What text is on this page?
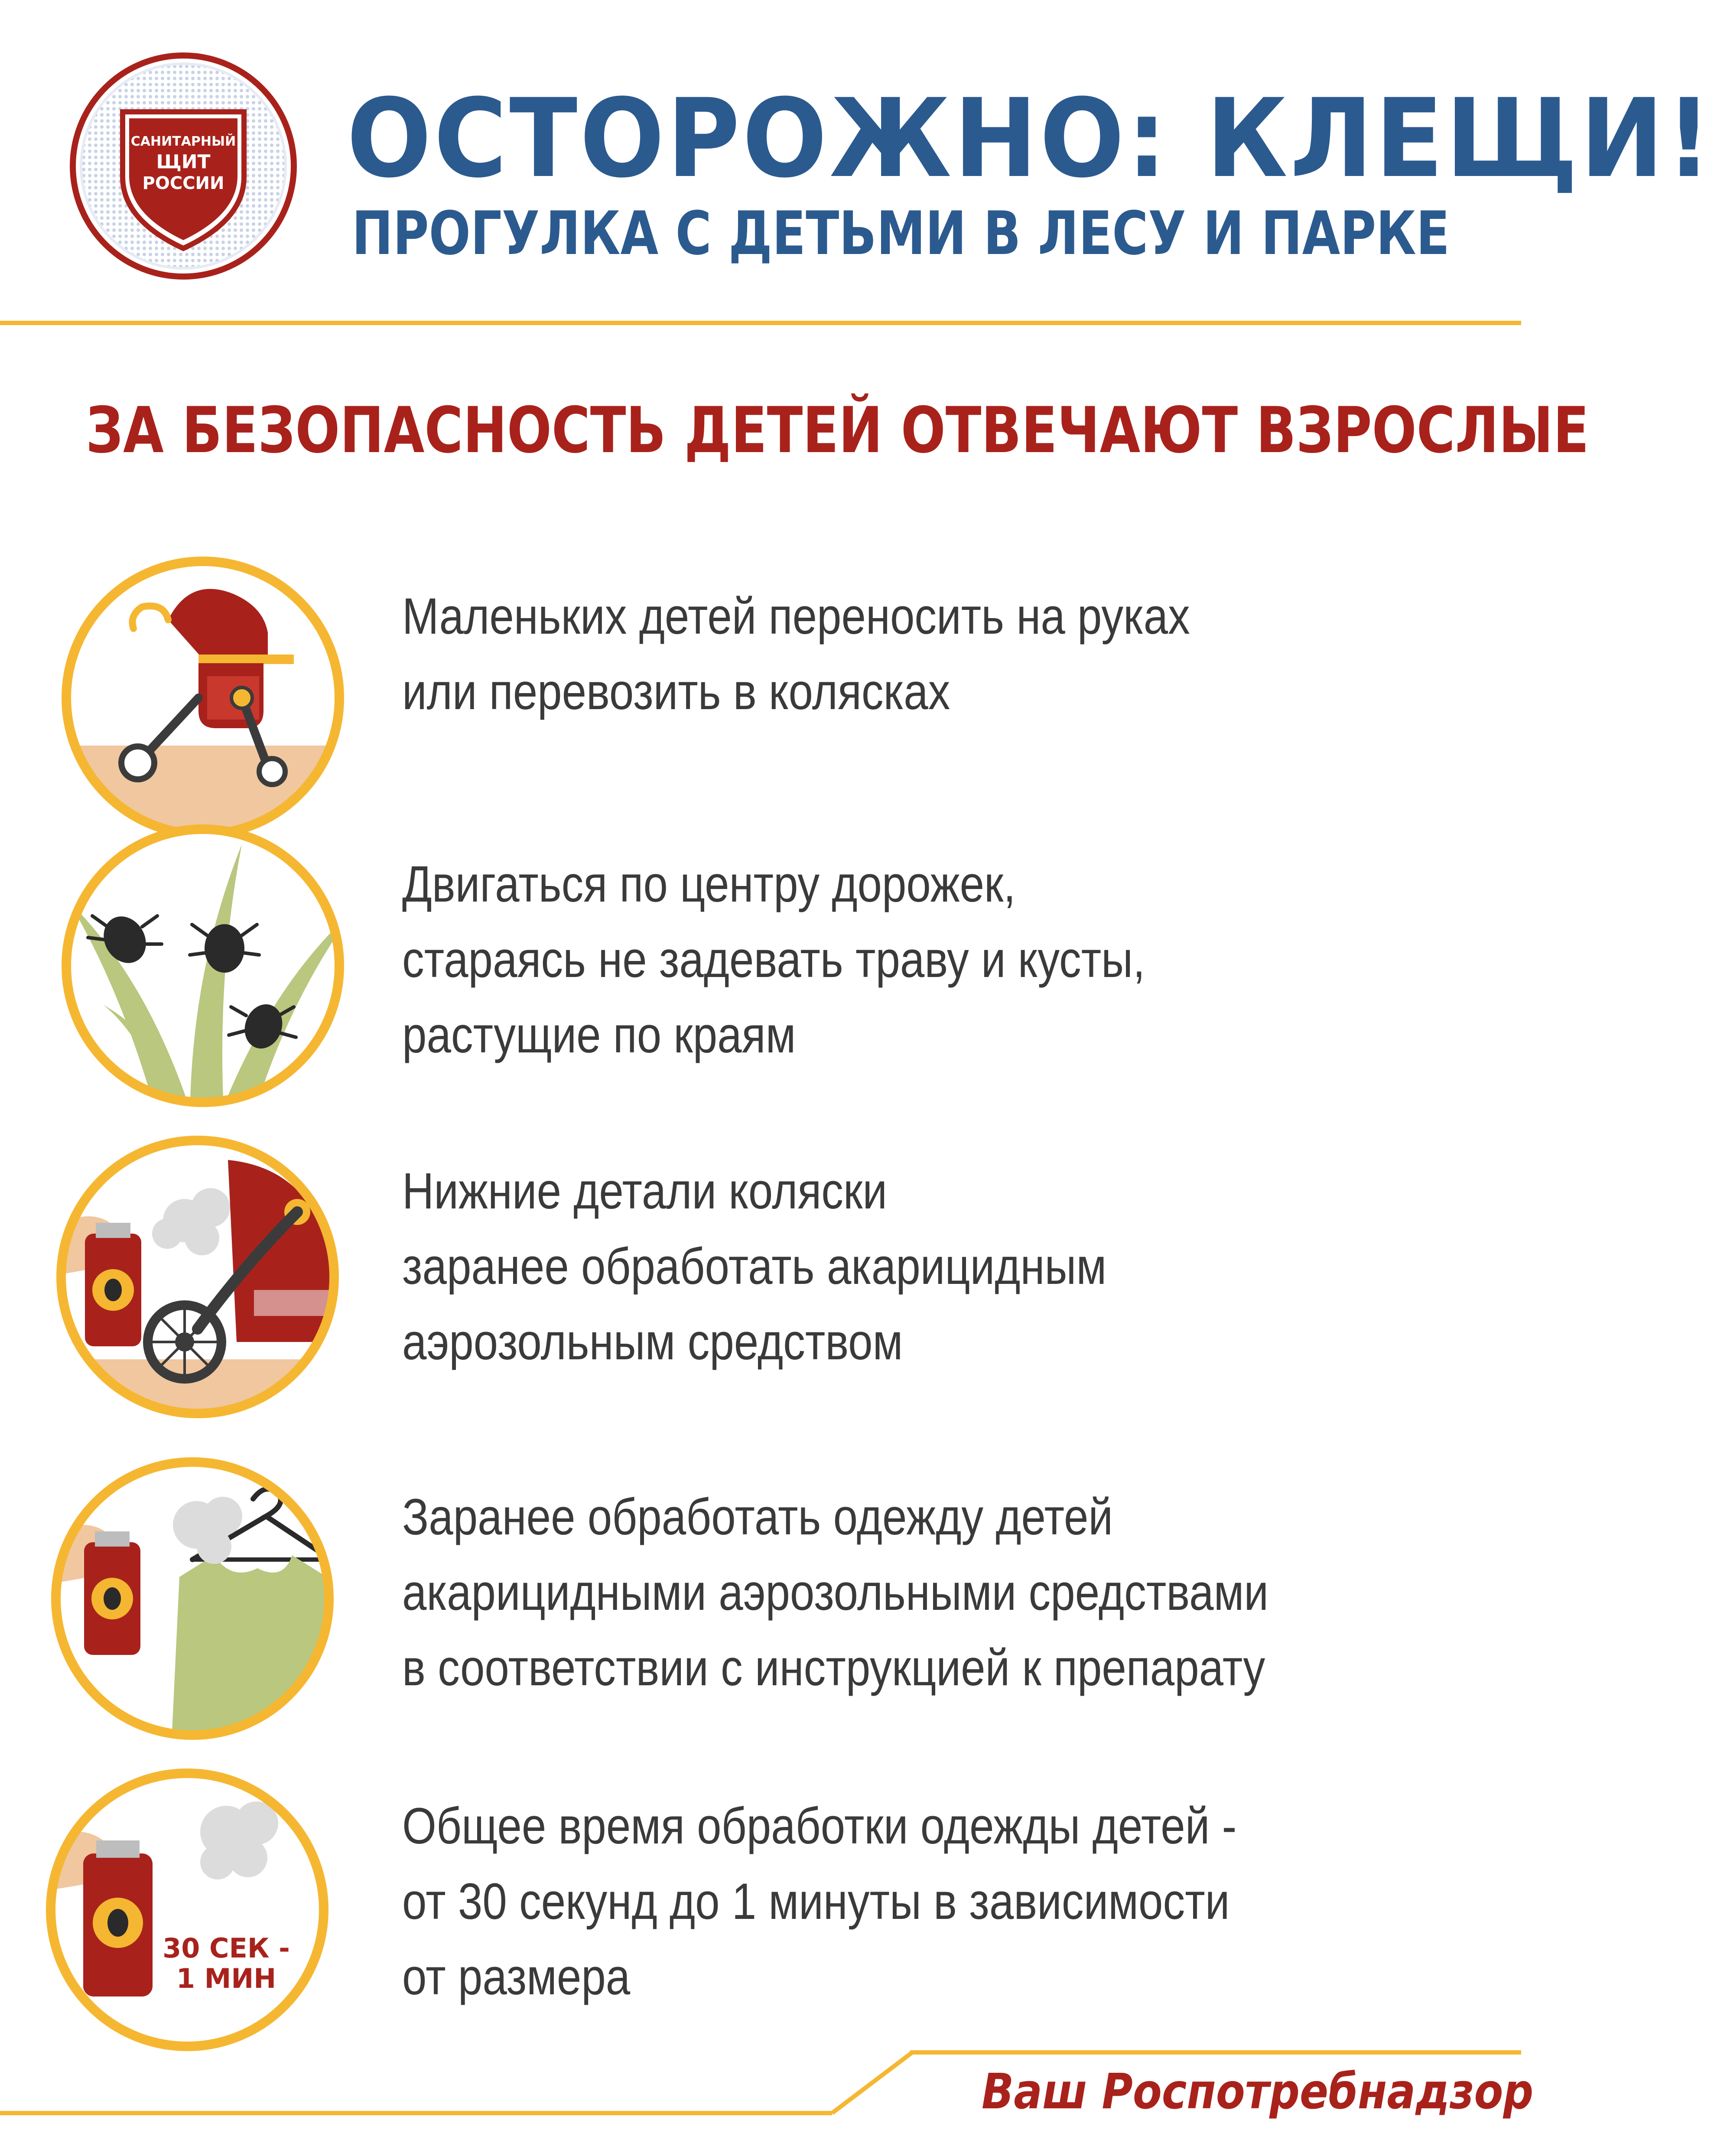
САНИТАРНЫЙ
ЩИТ
РОССИИ ОСТОРОЖНО: КЛЕЩИ!
ПРОГУЛКА С ДЕТЬМИ В ЛЕСУ И ПАРКЕ
ЗА БЕЗОПАСНОСТЬ ДЕТЕЙ ОТВЕЧАЮТ ВЗРОСЛЫЕ
Маленьких детей переносить на руках
или перевозить в колясках
Двигаться по центру дорожек,
стараясь не задевать траву и кусты,
растущие по краям
Нижние детали коляски
заранее обработать акарицидным
аэрозольным средством
Заранее обработать одежду детей
акарицидными аэрозольными средствами
в соответствии с инструкцией к препарату
30 СЕК -
1 МИН
Общее время обработки одежды детей -
от 30 секунд до 1 минуты в зависимости
от размера
Ваш Роспотребнадзор
